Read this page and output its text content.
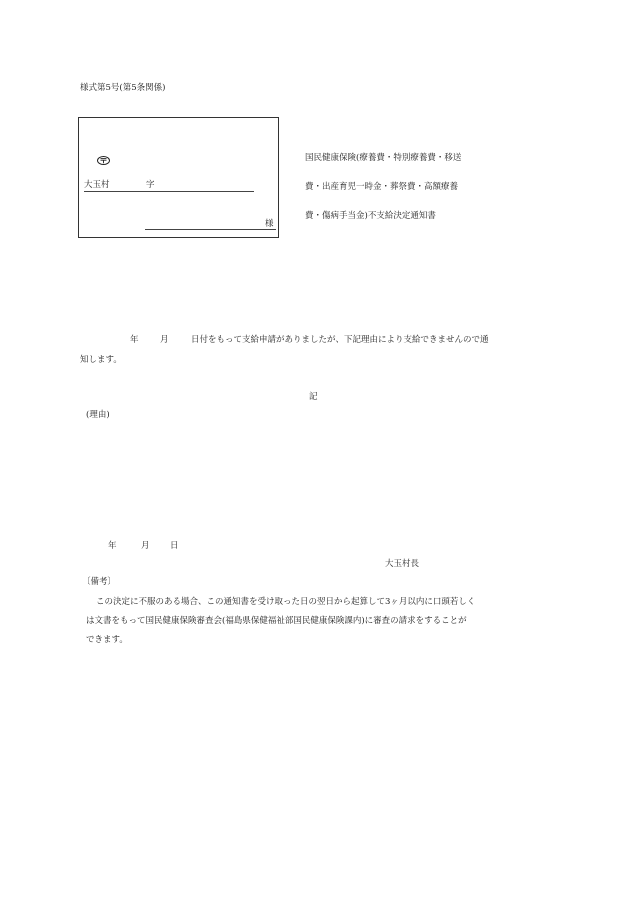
様式第5号(第5条関係)
大玉村	字
様
国民健康保険(療養費・特別療養費・移送
費・出産育児一時金・葬祭費・高額療養
費・傷病手当金)不支給決定通知書
年	月	日付をもって支給申請がありましたが、下記理由により支給できませんので通
知します。
記
(理由)
年	月 日
大玉村長
〔備考〕
この決定に不服のある場合、この通知書を受け取った日の翌日から起算して3ヶ月以内に口頭若しく
は文書をもって国民健康保険審査会(福島県保健福祉部国民健康保険課内)に審査の請求をすることが
できます。
